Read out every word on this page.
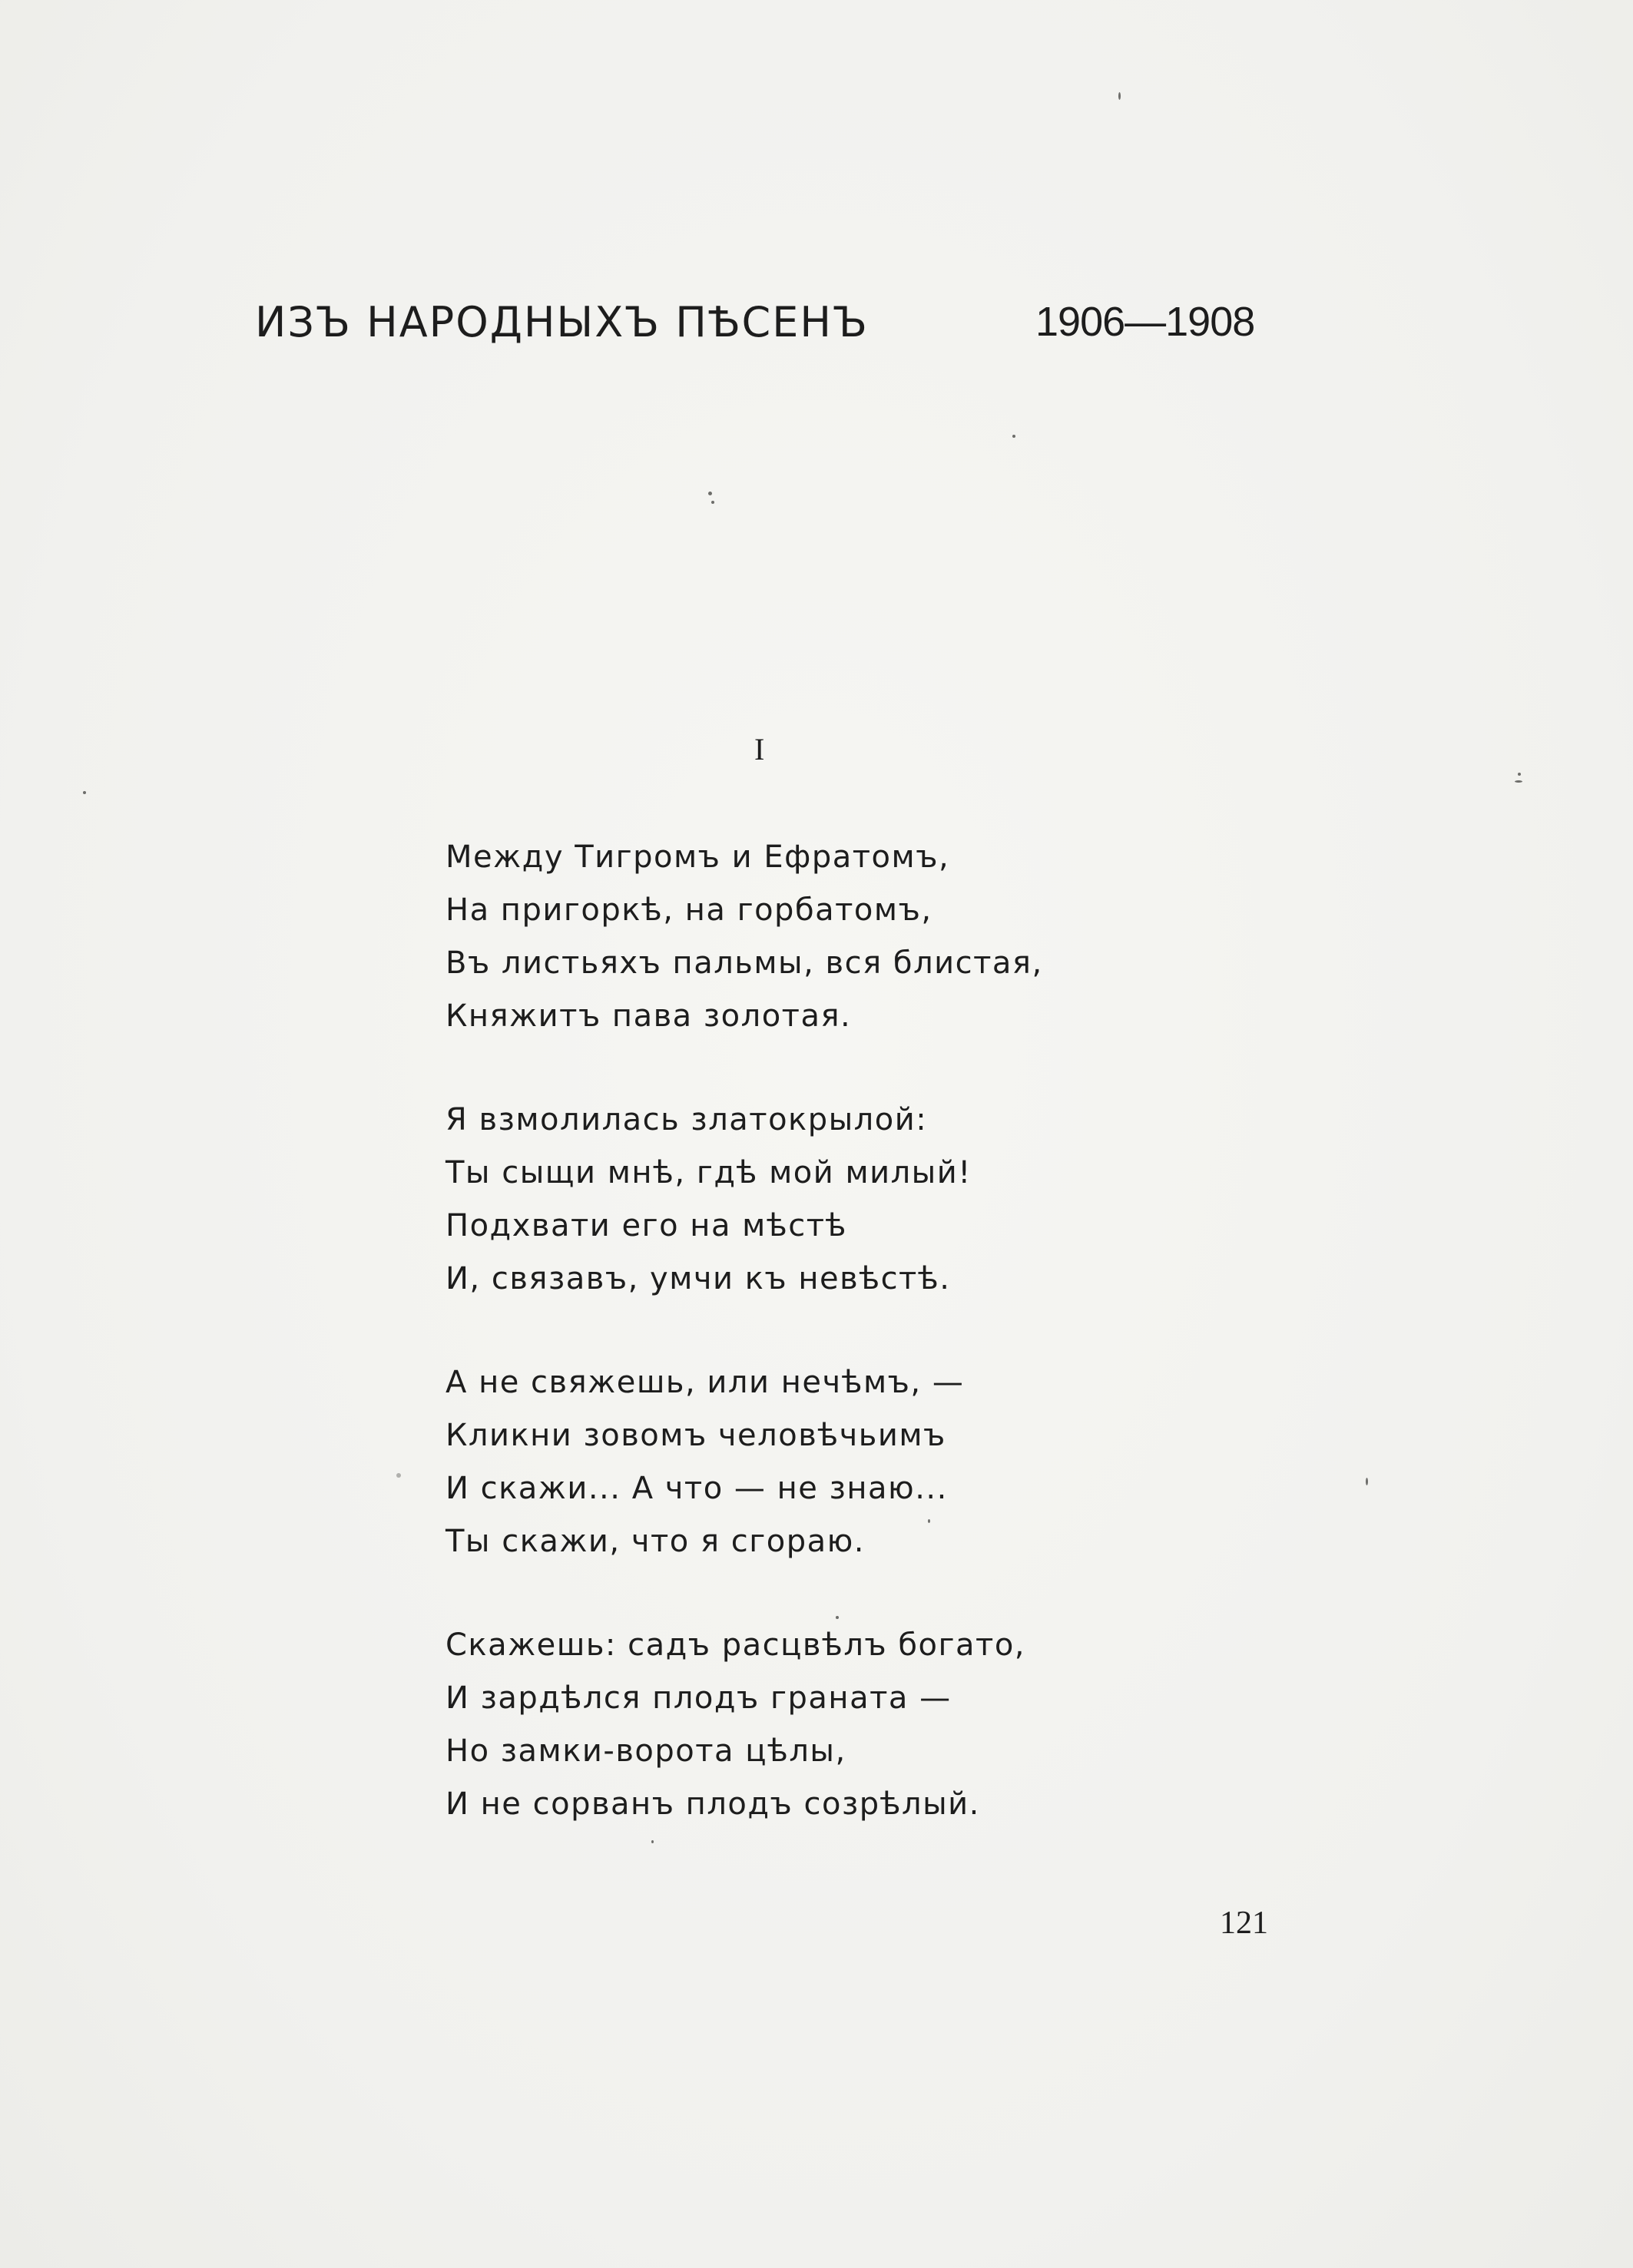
ИЗЪ НАРОДНЫХЪ ПѢСЕНЪ	1906—1908
I
Между Тигромъ и Ефратомъ,
На пригоркѣ, на горбатомъ,
Въ листьяхъ пальмы, вся блистая,
Княжитъ пава золотая.
Я взмолилась златокрылой:
Ты сыщи мнѣ, гдѣ мой милый!
Подхвати его на мѣстѣ
И, связавъ, умчи къ невѣстѣ.
А не свяжешь, или нечѣмъ, —
Кликни зовомъ человѣчьимъ
И скажи... А что — не знаю...
Ты скажи, что я сгораю.
Скажешь: садъ расцвѣлъ богато,
И зардѣлся плодъ граната —
Но замки-ворота цѣлы,
И не сорванъ плодъ созрѣлый.
121
